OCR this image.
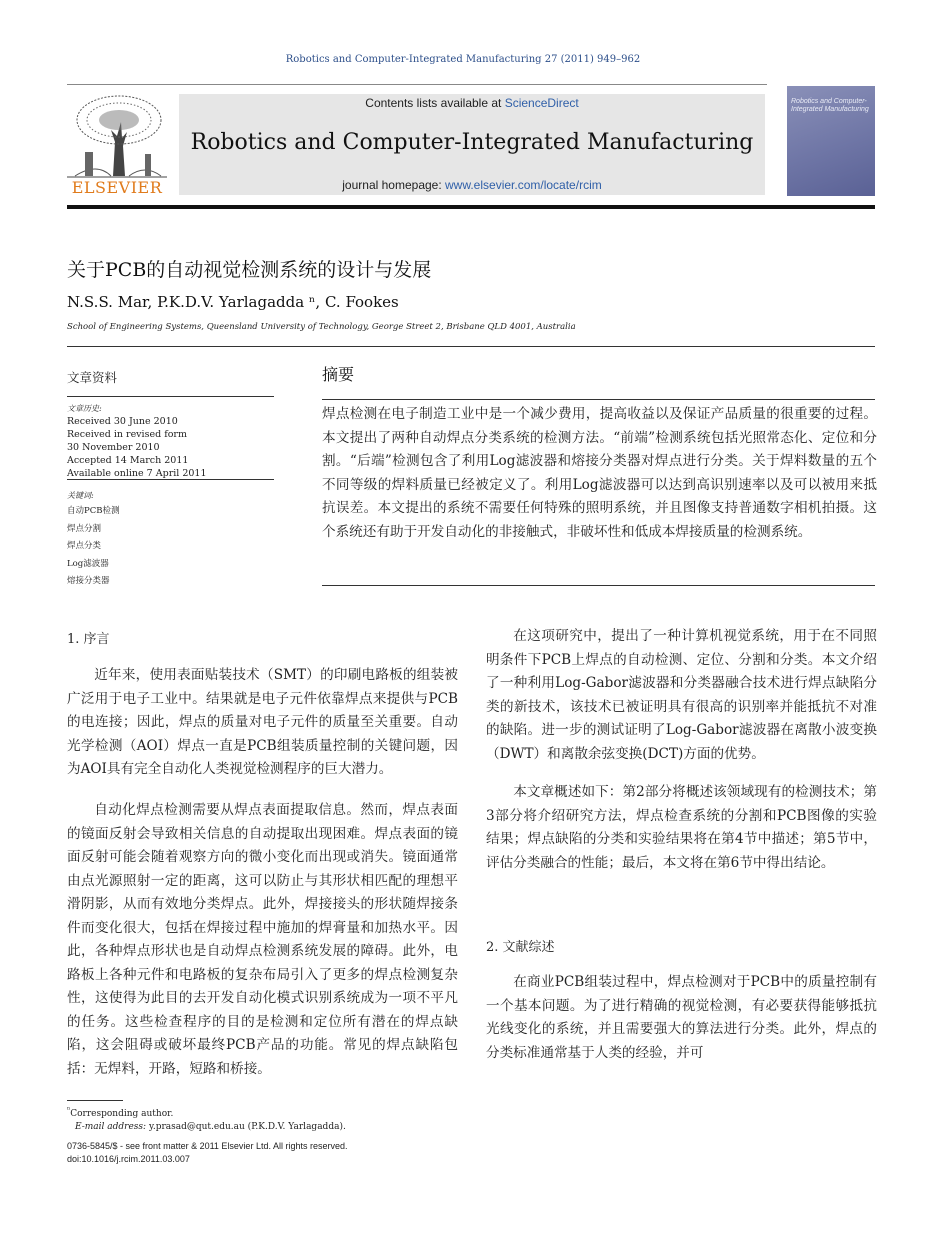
Robotics and Computer-Integrated Manufacturing 27 (2011) 949–962
ELSEVIER
Contents lists available at ScienceDirect
Robotics and Computer-Integrated Manufacturing
journal homepage: www.elsevier.com/locate/rcim
Robotics and Computer-Integrated Manufacturing
关于PCB的自动视觉检测系统的设计与发展
N.S.S. Mar, P.K.D.V. Yarlagadda ⁿ, C. Fookes
School of Engineering Systems, Queensland University of Technology, George Street 2, Brisbane QLD 4001, Australia
文章资料
文章历史:
Received 30 June 2010
Received in revised form
30 November 2010
Accepted 14 March 2011
Available online 7 April 2011
关键词:
自动PCB检测
焊点分割
焊点分类
Log滤波器
熔接分类器
摘要
焊点检测在电子制造工业中是一个减少费用，提高收益以及保证产品质量的很重要的过程。本文提出了两种自动焊点分类系统的检测方法。“前端”检测系统包括光照常态化、定位和分割。“后端”检测包含了利用Log滤波器和熔接分类器对焊点进行分类。关于焊料数量的五个不同等级的焊料质量已经被定义了。利用Log滤波器可以达到高识别速率以及可以被用来抵抗误差。本文提出的系统不需要任何特殊的照明系统，并且图像支持普通数字相机拍摄。这个系统还有助于开发自动化的非接触式，非破坏性和低成本焊接质量的检测系统。
1. 序言
近年来，使用表面贴装技术（SMT）的印刷电路板的组装被广泛用于电子工业中。结果就是电子元件依靠焊点来提供与PCB的电连接；因此，焊点的质量对电子元件的质量至关重要。自动光学检测（AOI）焊点一直是PCB组装质量控制的关键问题，因为AOI具有完全自动化人类视觉检测程序的巨大潜力。
自动化焊点检测需要从焊点表面提取信息。然而，焊点表面的镜面反射会导致相关信息的自动提取出现困难。焊点表面的镜面反射可能会随着观察方向的微小变化而出现或消失。镜面通常由点光源照射一定的距离，这可以防止与其形状相匹配的理想平滑阴影，从而有效地分类焊点。此外，焊接接头的形状随焊接条件而变化很大，包括在焊接过程中施加的焊膏量和加热水平。因此，各种焊点形状也是自动焊点检测系统发展的障碍。此外，电路板上各种元件和电路板的复杂布局引入了更多的焊点检测复杂性，这使得为此目的去开发自动化模式识别系统成为一项不平凡的任务。这些检查程序的目的是检测和定位所有潜在的焊点缺陷，这会阻碍或破坏最终PCB产品的功能。常见的焊点缺陷包括：无焊料，开路，短路和桥接。
在这项研究中，提出了一种计算机视觉系统，用于在不同照明条件下PCB上焊点的自动检测、定位、分割和分类。本文介绍了一种利用Log-Gabor滤波器和分类器融合技术进行焊点缺陷分类的新技术，该技术已被证明具有很高的识别率并能抵抗不对准的缺陷。进一步的测试证明了Log-Gabor滤波器在离散小波变换（DWT）和离散余弦变换(DCT)方面的优势。
本文章概述如下：第2部分将概述该领域现有的检测技术；第3部分将介绍研究方法，焊点检查系统的分割和PCB图像的实验结果；焊点缺陷的分类和实验结果将在第4节中描述；第5节中，评估分类融合的性能；最后，本文将在第6节中得出结论。
2. 文献综述
在商业PCB组装过程中，焊点检测对于PCB中的质量控制有一个基本问题。为了进行精确的视觉检测，有必要获得能够抵抗光线变化的系统，并且需要强大的算法进行分类。此外，焊点的分类标准通常基于人类的经验，并可
$^{^n}$Corresponding author.
E-mail address: y.prasad@qut.edu.au (P.K.D.V. Yarlagadda).
0736-5845/$ - see front matter & 2011 Elsevier Ltd. All rights reserved.
doi:10.1016/j.rcim.2011.03.007
